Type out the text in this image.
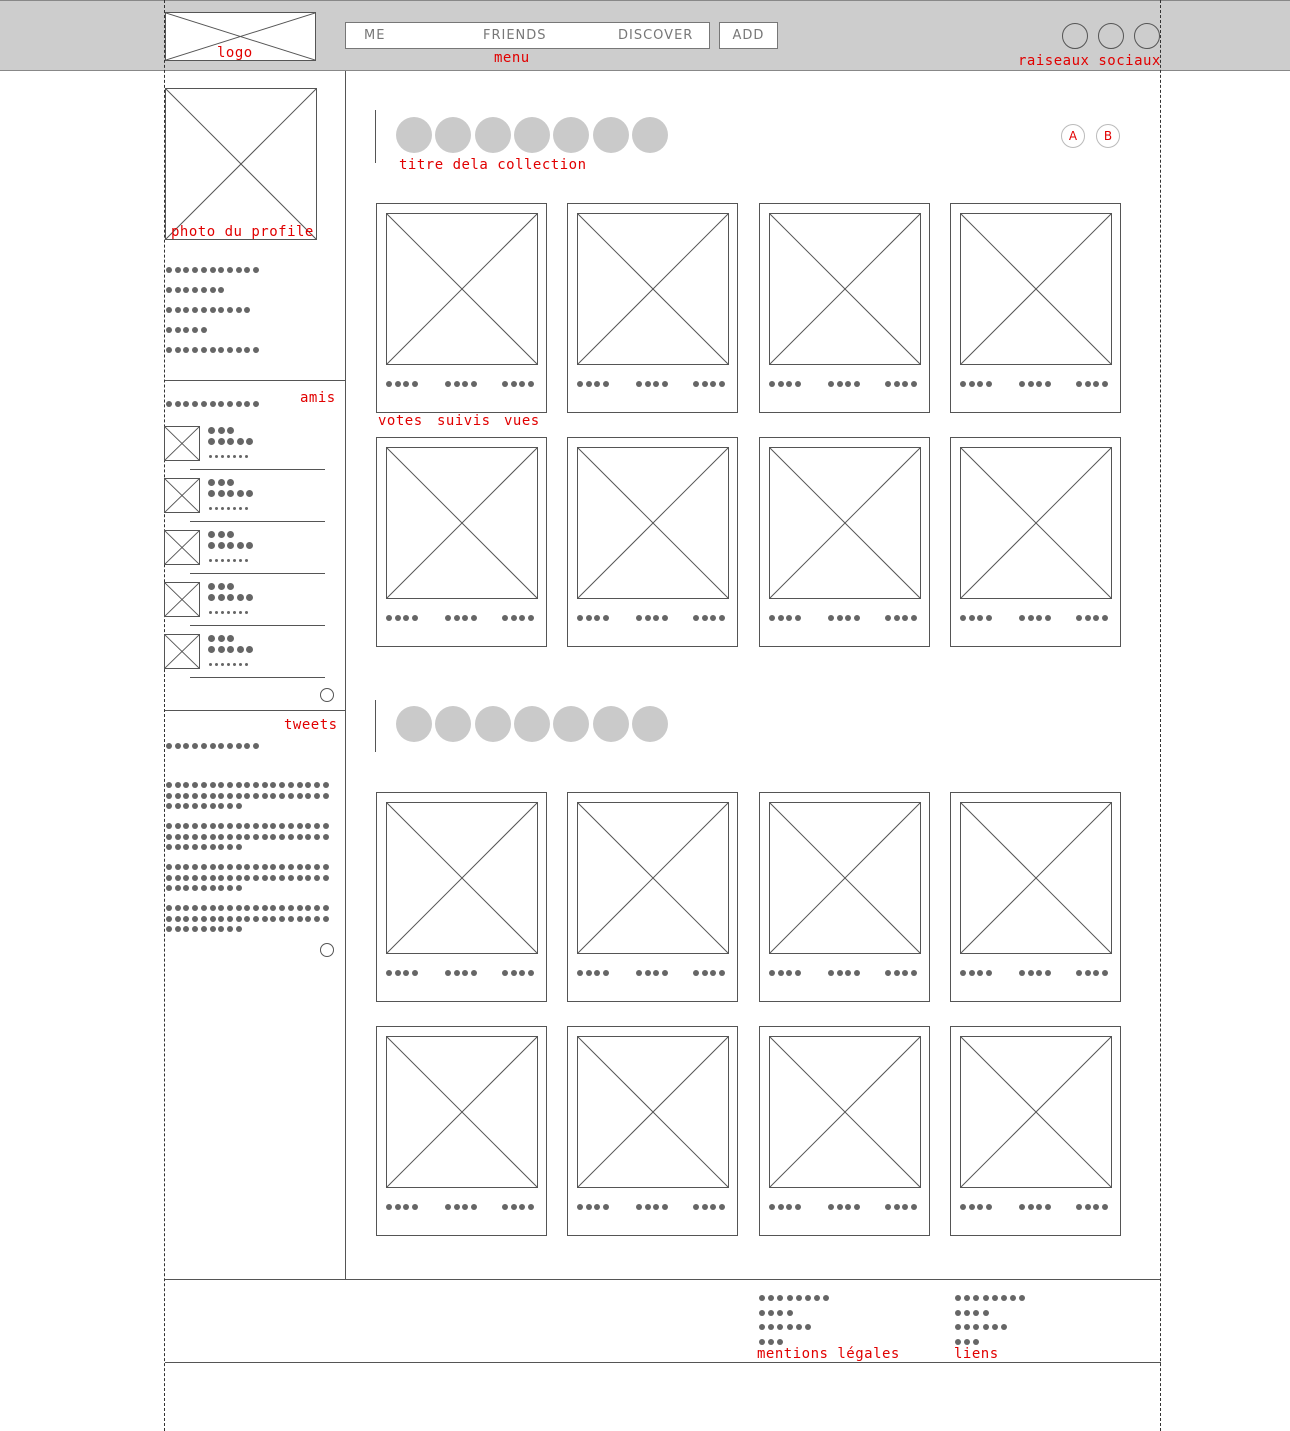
logo
ME	FRIENDS	DISCOVER	ADD
menu	raiseaux sociaux
photo du profile
amis
tweets
titre dela collection
A	B
votes suivis vues
mentions légales	liens
